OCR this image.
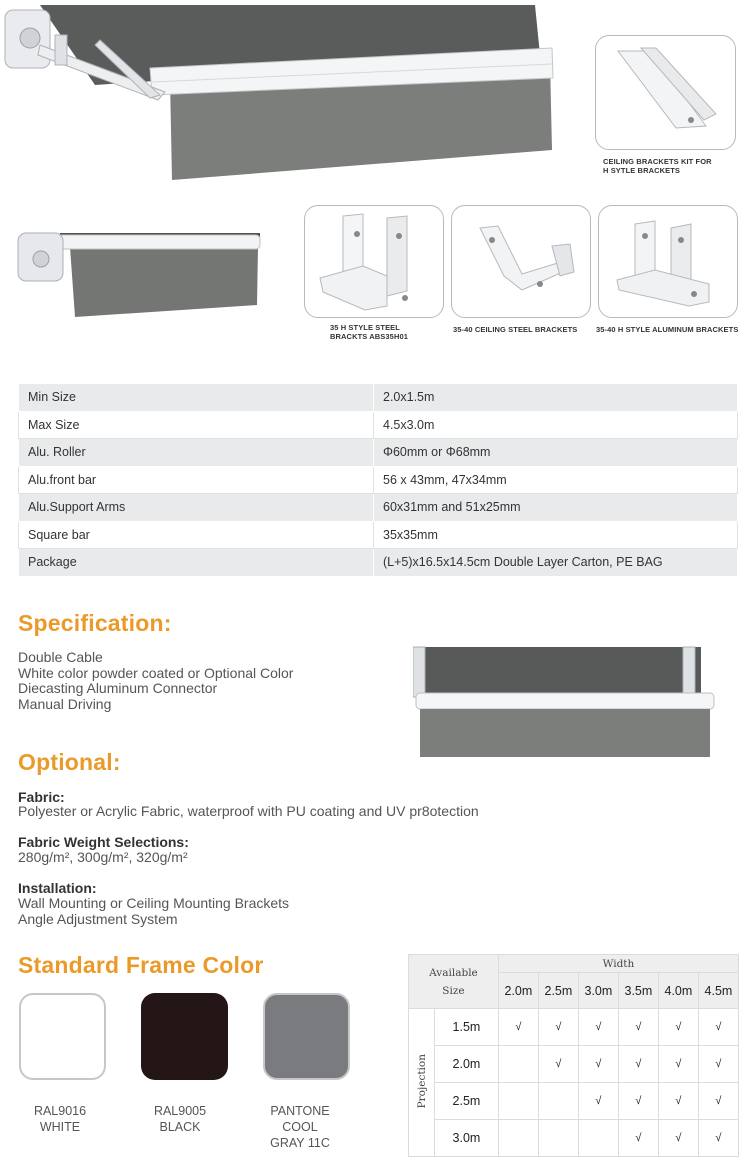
CEILING BRACKETS KIT FOR
H SYTLE BRACKETS
35 H STYLE STEEL
BRACKTS ABS35H01
35-40 CEILING STEEL BRACKETS 35-40 H STYLE ALUMINUM BRACKETS
Min Size	2.0x1.5m
Max Size	4.5x3.0m
Alu. Roller	Φ60mm or Φ68mm
Alu.front bar	56 x 43mm, 47x34mm
Alu.Support Arms	60x31mm and 51x25mm
Square bar	35x35mm
Package	(L+5)x16.5x14.5cm Double Layer Carton, PE BAG
Specification:
Double Cable
White color powder coated or Optional Color
Diecasting Aluminum Connector
Manual Driving
Optional:
Fabric:
Polyester or Acrylic Fabric, waterproof with PU coating and UV pr8otection
Fabric Weight Selections:
280g/m², 300g/m², 320g/m²
Installation:
Wall Mounting or Ceiling Mounting Brackets
Angle Adjustment System
Standard Frame Color
RAL9016
WHITE
RAL9005
BLACK
PANTONE
COOL
GRAY 11C
Available
Size		Width					
		2.0m	2.5m	3.0m	3.5m	4.0m	4.5m
Projection	1.5m	√	√	√	√	√	√
	2.0m		√	√	√	√	√
	2.5m			√	√	√	√
	3.0m				√	√	√
